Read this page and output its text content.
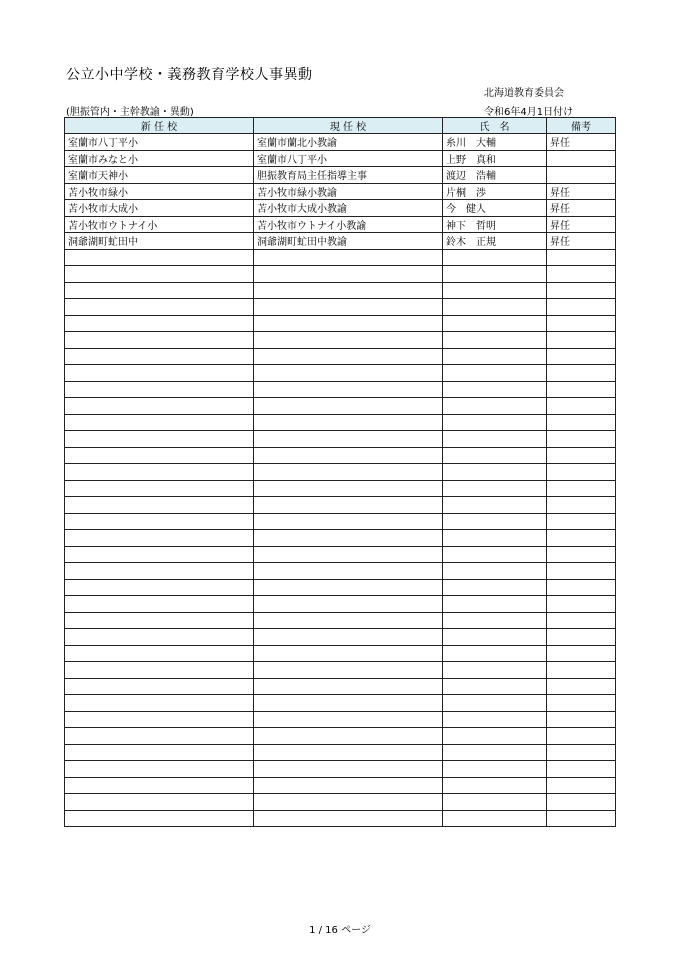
公立小中学校・義務教育学校人事異動
北海道教育委員会
(胆振管内・主幹教諭・異動)	令和6年4月1日付け
新 任 校	現 任 校	氏　名	備考
室蘭市八丁平小	室蘭市蘭北小教諭	糸川　大輔	昇任
室蘭市みなと小	室蘭市八丁平小	上野　真和	
室蘭市天神小	胆振教育局主任指導主事	渡辺　浩輔	
苫小牧市緑小	苫小牧市緑小教諭	片桐　渉	昇任
苫小牧市大成小	苫小牧市大成小教諭	今　健人	昇任
苫小牧市ウトナイ小	苫小牧市ウトナイ小教諭	神下　哲明	昇任
洞爺湖町虻田中	洞爺湖町虻田中教諭	鈴木　正規	昇任

1 / 16 ページ
